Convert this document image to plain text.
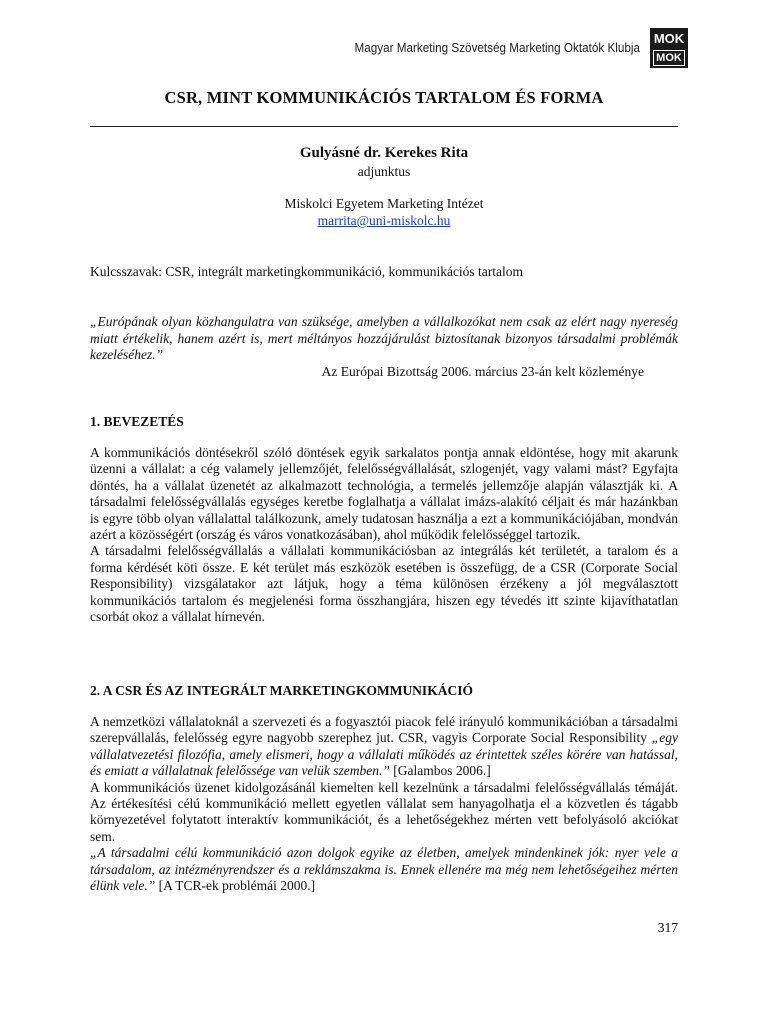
Magyar Marketing Szövetség Marketing Oktatók Klubja
MOK
MOK
CSR, MINT KOMMUNIKÁCIÓS TARTALOM ÉS FORMA
Gulyásné dr. Kerekes Rita
adjunktus
Miskolci Egyetem Marketing Intézet
marrita@uni-miskolc.hu
Kulcsszavak: CSR, integrált marketingkommunikáció, kommunikációs tartalom
„Európának olyan közhangulatra van szüksége, amelyben a vállalkozókat nem csak az elért nagy nyereség miatt értékelik, hanem azért is, mert méltányos hozzájárulást biztosítanak bizonyos társadalmi problémák kezeléséhez.”
Az Európai Bizottság 2006. március 23-án kelt közleménye
1. BEVEZETÉS

A kommunikációs döntésekről szóló döntések egyik sarkalatos pontja annak eldöntése, hogy mit akarunk üzenni a vállalat: a cég valamely jellemzőjét, felelősségvállalását, szlogenjét, vagy valami mást? Egyfajta döntés, ha a vállalat üzenetét az alkalmazott technológia, a termelés jellemzője alapján választják ki. A társadalmi felelősségvállalás egységes keretbe foglalhatja a vállalat imázs-alakító céljait és már hazánkban is egyre több olyan vállalattal találkozunk, amely tudatosan használja a ezt a kommunikációjában, mondván azért a közösségért (ország és város vonatkozásában), ahol működik felelősséggel tartozik.

A társadalmi felelősségvállalás a vállalati kommunikációsban az integrálás két területét, a taralom és a forma kérdését köti össze. E két terület más eszközök esetében is összefügg, de a CSR (Corporate Social Responsibility) vizsgálatakor azt látjuk, hogy a téma különösen érzékeny a jól megválasztott kommunikációs tartalom és megjelenési forma összhangjára, hiszen egy tévedés itt szinte kijavíthatatlan csorbát okoz a vállalat hírnevén.

2. A CSR ÉS AZ INTEGRÁLT MARKETINGKOMMUNIKÁCIÓ

A nemzetközi vállalatoknál a szervezeti és a fogyasztói piacok felé irányuló kommunikációban a társadalmi szerepvállalás, felelősség egyre nagyobb szerephez jut. CSR, vagyis Corporate Social Responsibility „egy vállalatvezetési filozófia, amely elismeri, hogy a vállalati működés az érintettek széles körére van hatással, és emiatt a vállalatnak felelőssége van velük szemben.” [Galambos 2006.]

A kommunikációs üzenet kidolgozásánál kiemelten kell kezelnünk a társadalmi felelősségvállalás témáját. Az értékesítési célú kommunikáció mellett egyetlen vállalat sem hanyagolhatja el a közvetlen és tágabb környezetével folytatott interaktív kommunikációt, és a lehetőségekhez mérten vett befolyásoló akciókat sem.

„A társadalmi célú kommunikáció azon dolgok egyike az életben, amelyek mindenkinek jók: nyer vele a társadalom, az intézményrendszer és a reklámszakma is. Ennek ellenére ma még nem lehetőségeihez mérten élünk vele.” [A TCR-ek problémái 2000.]

317
